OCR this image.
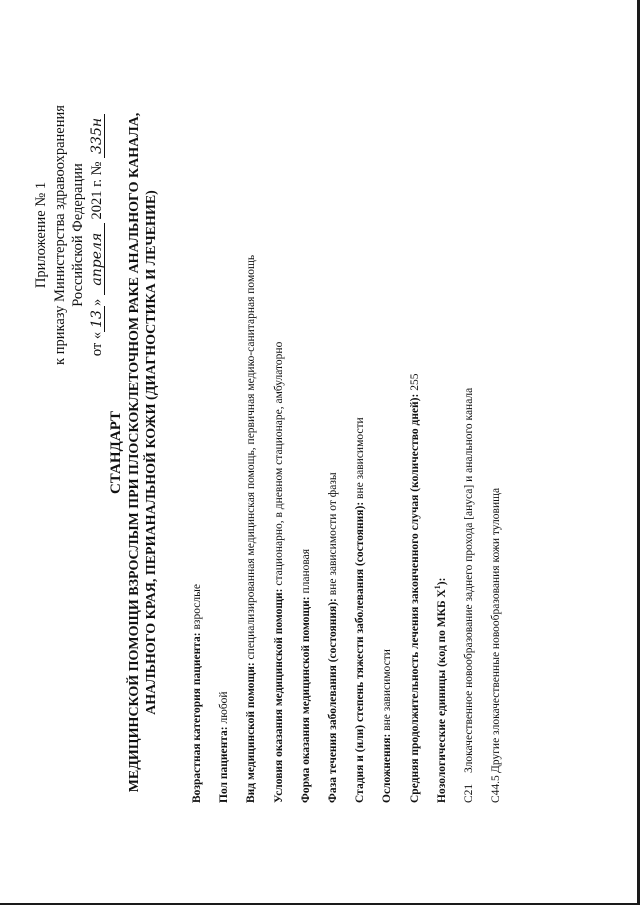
Приложение № 1 к приказу Министерства здравоохранения Российской Федерации
от «13» апреля 2021 г. № 335н
СТАНДАРТ МЕДИЦИНСКОЙ ПОМОЩИ ВЗРОСЛЫМ ПРИ ПЛОСКОКЛЕТОЧНОМ РАКЕ АНАЛЬНОГО КАНАЛА, АНАЛЬНОГО КРАЯ, ПЕРИАНАЛЬНОЙ КОЖИ (ДИАГНОСТИКА И ЛЕЧЕНИЕ)
Возрастная категория пациента: взрослые
Пол пациента: любой Вид медицинской помощи: специализированная медицинская помощь, первичная медико-санитарная помощь
Условия оказания медицинской помощи: стационарно, в дневном стационаре, амбулаторно
Форма оказания медицинской помощи: плановая
Фаза течения заболевания (состояния): вне зависимости от фазы Стадия и (или) степень тяжести заболевания (состояния): вне зависимости
Осложнения: вне зависимости Средняя продолжительность лечения законченного случая (количество дней): 255
Нозологические единицы (код по МКБ $Х^1$):
C21
Злокачественное новообразование заднего прохода [ануса] и анального канала
C44.5
Другие злокачественные новообразования кожи туловища
